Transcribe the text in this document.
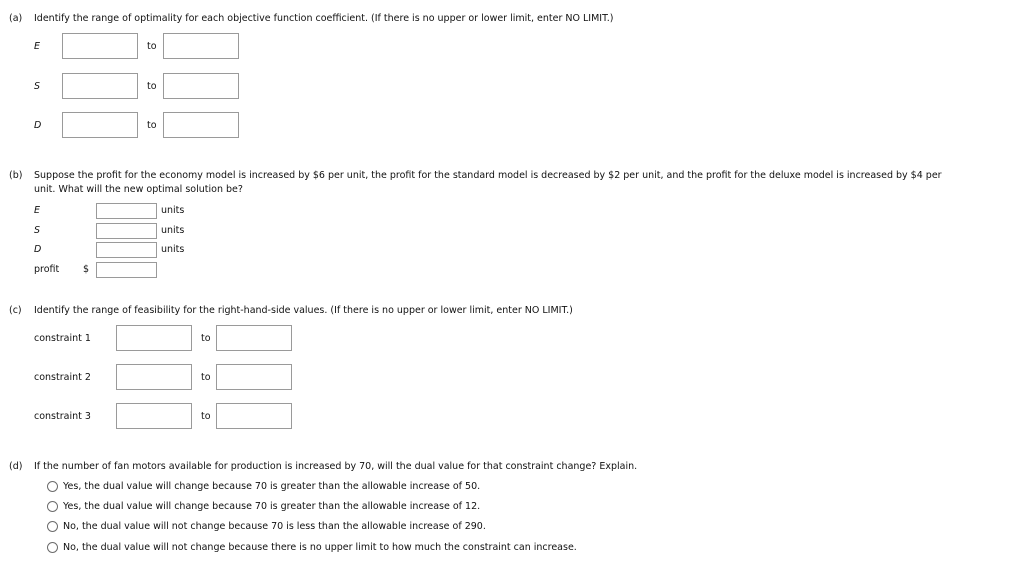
(a) Identify the range of optimality for each objective function coefficient. (If there is no upper or lower limit, enter NO LIMIT.)
E	to
S	to
D	to
(b) Suppose the profit for the economy model is increased by $6 per unit, the profit for the standard model is decreased by $2 per unit, and the profit for the deluxe model is increased by $4 per
unit. What will the new optimal solution be?
E	units
S	units
D	units
profit	$
(c) Identify the range of feasibility for the right-hand-side values. (If there is no upper or lower limit, enter NO LIMIT.)
constraint 1	to
constraint 2	to
constraint 3	to
(d) If the number of fan motors available for production is increased by 70, will the dual value for that constraint change? Explain.
Yes, the dual value will change because 70 is greater than the allowable increase of 50.
Yes, the dual value will change because 70 is greater than the allowable increase of 12.
No, the dual value will not change because 70 is less than the allowable increase of 290.
No, the dual value will not change because there is no upper limit to how much the constraint can increase.
